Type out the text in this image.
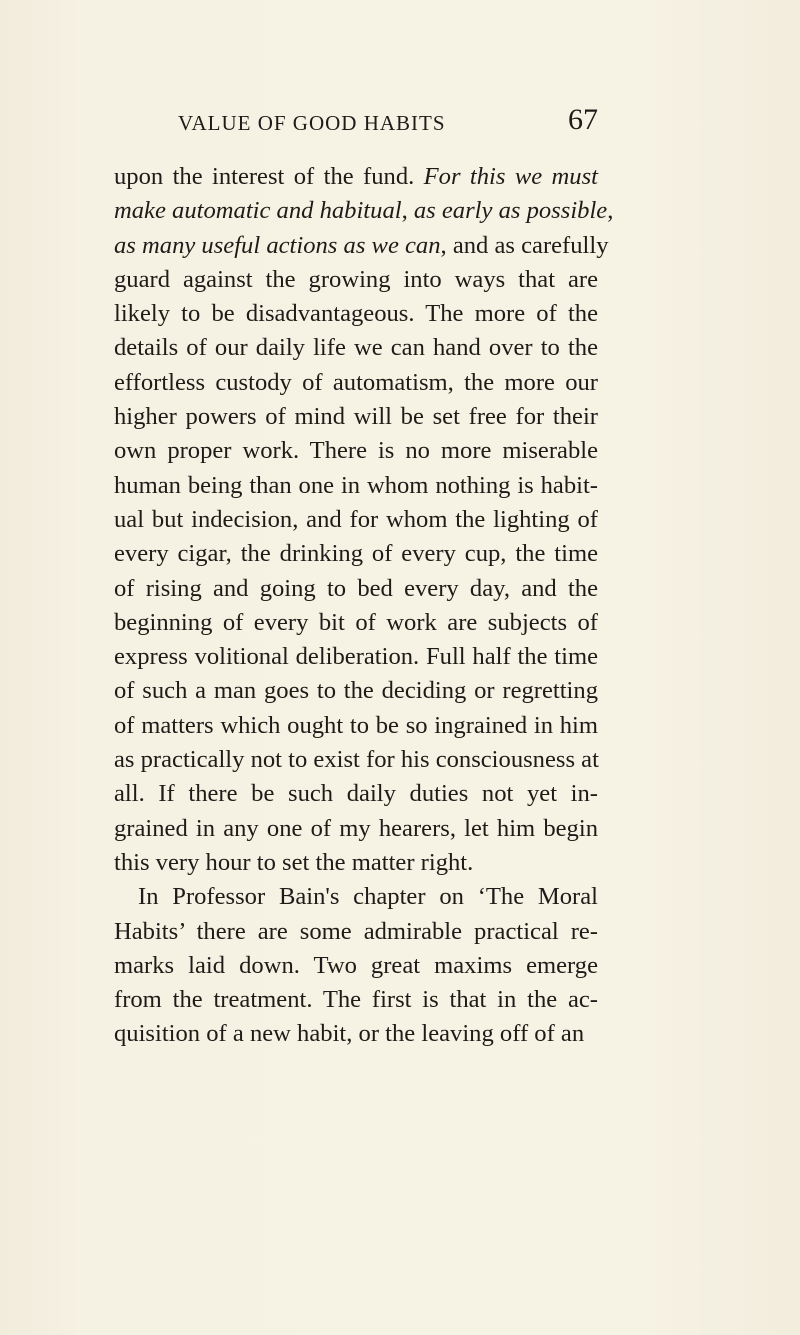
VALUE OF GOOD HABITS	67
upon the interest of the fund. For this we must
make automatic and habitual, as early as possible,
as many useful actions as we can, and as carefully
guard against the growing into ways that are
likely to be disadvantageous. The more of the
details of our daily life we can hand over to the
effortless custody of automatism, the more our
higher powers of mind will be set free for their
own proper work. There is no more miserable
human being than one in whom nothing is habit-
ual but indecision, and for whom the lighting of
every cigar, the drinking of every cup, the time
of rising and going to bed every day, and the
beginning of every bit of work are subjects of
express volitional deliberation. Full half the time
of such a man goes to the deciding or regretting
of matters which ought to be so ingrained in him
as practically not to exist for his consciousness at
all. If there be such daily duties not yet in-
grained in any one of my hearers, let him begin
this very hour to set the matter right.
In Professor Bain's chapter on ‘The Moral
Habits’ there are some admirable practical re-
marks laid down. Two great maxims emerge
from the treatment. The first is that in the ac-
quisition of a new habit, or the leaving off of an
